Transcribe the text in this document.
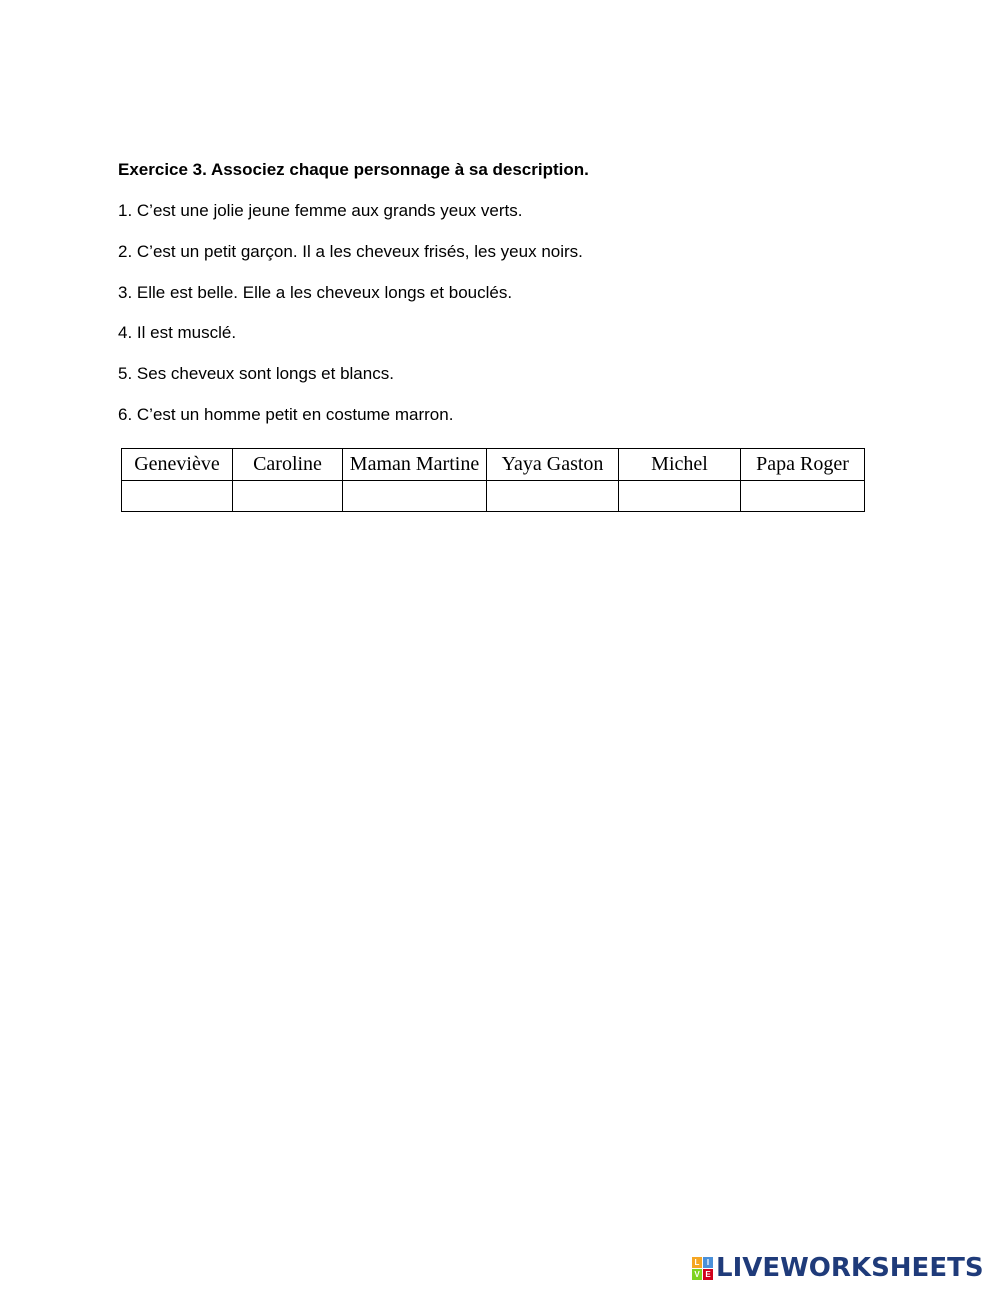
Exercice 3. Associez chaque personnage à sa description.
1. C’est une jolie jeune femme aux grands yeux verts.
2. C’est un petit garçon. Il a les cheveux frisés, les yeux noirs.
3. Elle est belle. Elle a les cheveux longs et bouclés.
4. Il est musclé.
5. Ses cheveux sont longs et blancs.
6. C’est un homme petit en costume marron.
Geneviève	Caroline	Maman Martine	Yaya Gaston	Michel	Papa Roger

L I
V E LIVEWORKSHEETS
